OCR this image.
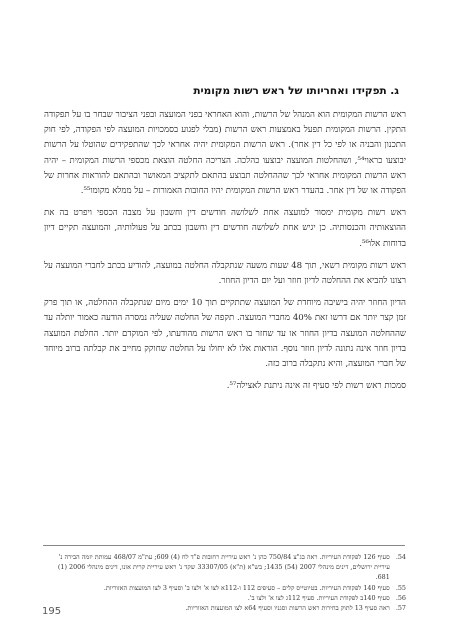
ג. תפקידו ואחריותו של ראש רשות מקומית

ראש הרשות המקומית הוא המנהל של הרשות, והוא האחראי בפני המועצה ובפני הציבור שבחר בו על תפקודה התקין. הרשות המקומית תפעל באמצעות ראש הרשות (מבלי לפגוע בסמכויות המועצה לפי הפקודה, לפי חוק התכנון והבניה או לפי כל דין אחר). ראש הרשות המקומית יהיה אחראי לכך שהתפקידים שהוטלו על הרשות יבוצעו כראוי⁵⁴, ושהחלטות המועצה יבוצעו כהלכה. הצריכה החלטה הוצאת מכספי הרשות המקומית – יהיה ראש הרשות המקומית אחראי לכך שההחלטה תבוצע בהתאם לתקציב המאושר ובהתאם להוראות אחרות של הפקודה או של דין אחר. בהעדר ראש הרשות המקומית יהיו החובות האמורות – על ממלא מקומו⁵⁵.

ראש רשות מקומית ימסור למועצה אחת לשלושה חודשים דין וחשבון על מצבה הכספי ויפרט בה את ההוצאותיה והכנסותיה. כן יגיש אחת לשלושה חודשים דין וחשבון בכתב על פעולותיה, והמועצה תקיים דיון בדוחות אלו⁵⁶.

ראש רשות מקומית רשאי, תוך 48 שעות משעה שנתקבלה החלטה במועצה, להודיע בכתב לחברי המועצה על רצונו להביא את ההחלטה לדיון חוזר ועל יום הדיון החוזר.

הדיון החוזר יהיה בישיבה מיוחדת של המועצה שתתקיים תוך 10 ימים מיום שנתקבלה ההחלטה, או תוך פרק זמן קצר יותר אם דרשו זאת 40% מחברי המועצה. תקפה של החלטה שעליה נמסרה הודעה כאמור יותלה עד שההחלטה המועצה בדיון החוזר או עד שחזר בו ראש הרשות מהודעתו, לפי המוקדם יותר. החלטת המועצה בדיון חוזר אינה נתונה לדיון חוזר נוסף. הוראות אלו לא יחולו על החלטה שחוקק מחייב את קבלתה ברוב מיוחד של חברי המועצה, והיא נתקבלה ברוב כזה.

סמכות ראש רשות לפי סעיף זה אינה ניתנת לאצילה⁵⁷.

54.
סעיף 126 לפקודת העיריות. ראה בג"צ 750/84 כהן נ' ראש עיריית רחובות פ"ד לח (4) 609; עת"מ 468/07 עמותת יזמה הבירה נ' עיריית ירושלים, דינים מינהלי 2007 (54) 1435; בש"א (ת"א) 33307/05 שקד נ' ראש עיריית קרית אונו, דינים מינהלי 2006 (1) 681.
55.
סעיף 140 לפקודת העיריות. בטיוטייס קלים – סעיפים 112 ו-112א לצו א' ולצו ב' וסעיף 3 לצו המועצות האזוריות.
56.
סעיף 140ב לפקודת העיריות. סעיף 112ג לצו א' ולצו ב'.
57.
ראה סעיף 13 לתוק בחירות ראש הרשות וסגניו וסעיף 64א לצו המועצות האזוריות.
195
